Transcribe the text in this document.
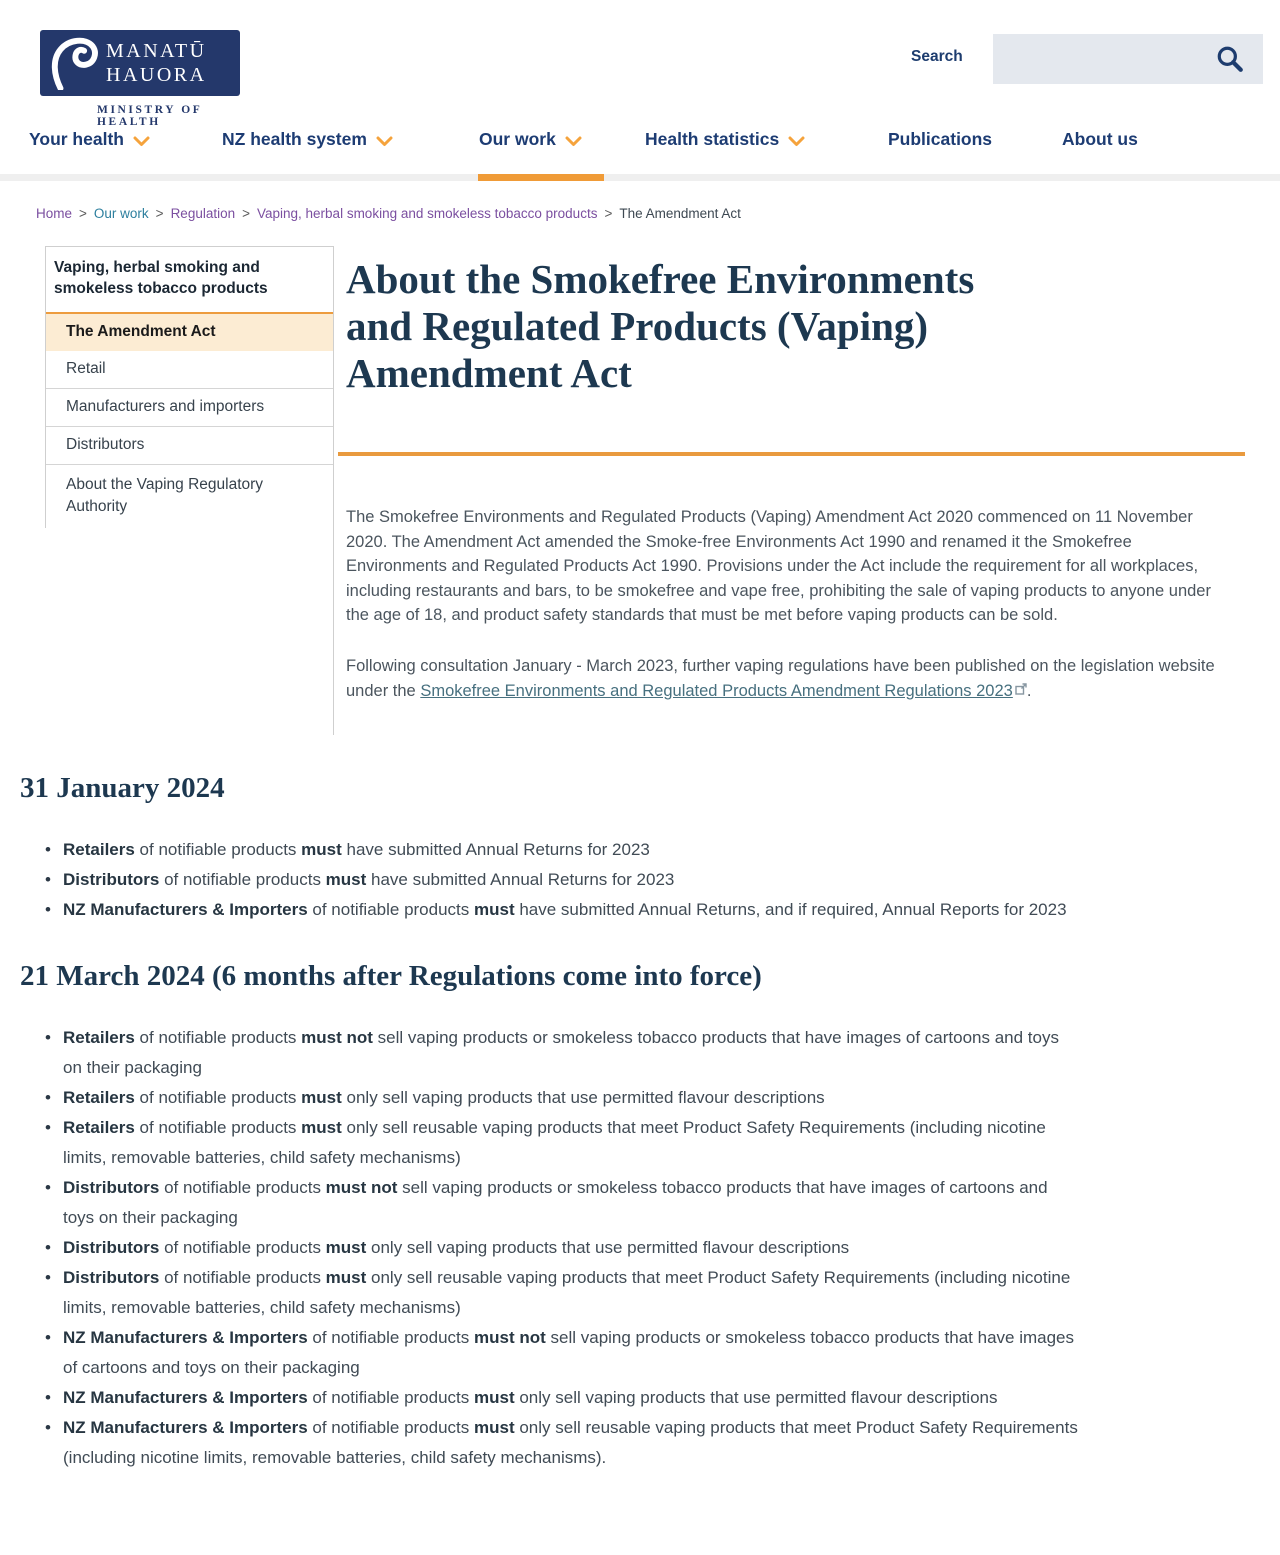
MANATŪ
HAUORA
MINISTRY OF HEALTH
Search
Your health	NZ health system	Our work	Health statistics	Publications	About us
Home > Our work > Regulation > Vaping, herbal smoking and smokeless tobacco products > The Amendment Act
Vaping, herbal smoking and smokeless tobacco products
The Amendment Act
Retail
Manufacturers and importers
Distributors
About the Vaping Regulatory Authority
About the Smokefree Environments
and Regulated Products (Vaping)
Amendment Act

The Smokefree Environments and Regulated Products (Vaping) Amendment Act 2020 commenced on 11 November 2020. The Amendment Act amended the Smoke-free Environments Act 1990 and renamed it the Smokefree Environments and Regulated Products Act 1990. Provisions under the Act include the requirement for all workplaces, including restaurants and bars, to be smokefree and vape free, prohibiting the sale of vaping products to anyone under the age of 18, and product safety standards that must be met before vaping products can be sold.

Following consultation January - March 2023, further vaping regulations have been published on the legislation website under the Smokefree Environments and Regulated Products Amendment Regulations 2023 .

31 January 2024
• Retailers of notifiable products must have submitted Annual Returns for 2023
• Distributors of notifiable products must have submitted Annual Returns for 2023
• NZ Manufacturers & Importers of notifiable products must have submitted Annual Returns, and if required, Annual Reports for 2023
21 March 2024 (6 months after Regulations come into force)
• Retailers of notifiable products must not sell vaping products or smokeless tobacco products that have images of cartoons and toys on their packaging
• Retailers of notifiable products must only sell vaping products that use permitted flavour descriptions
• Retailers of notifiable products must only sell reusable vaping products that meet Product Safety Requirements (including nicotine limits, removable batteries, child safety mechanisms)
• Distributors of notifiable products must not sell vaping products or smokeless tobacco products that have images of cartoons and toys on their packaging
• Distributors of notifiable products must only sell vaping products that use permitted flavour descriptions
• Distributors of notifiable products must only sell reusable vaping products that meet Product Safety Requirements (including nicotine limits, removable batteries, child safety mechanisms)
• NZ Manufacturers & Importers of notifiable products must not sell vaping products or smokeless tobacco products that have images of cartoons and toys on their packaging
• NZ Manufacturers & Importers of notifiable products must only sell vaping products that use permitted flavour descriptions
• NZ Manufacturers & Importers of notifiable products must only sell reusable vaping products that meet Product Safety Requirements (including nicotine limits, removable batteries, child safety mechanisms).
